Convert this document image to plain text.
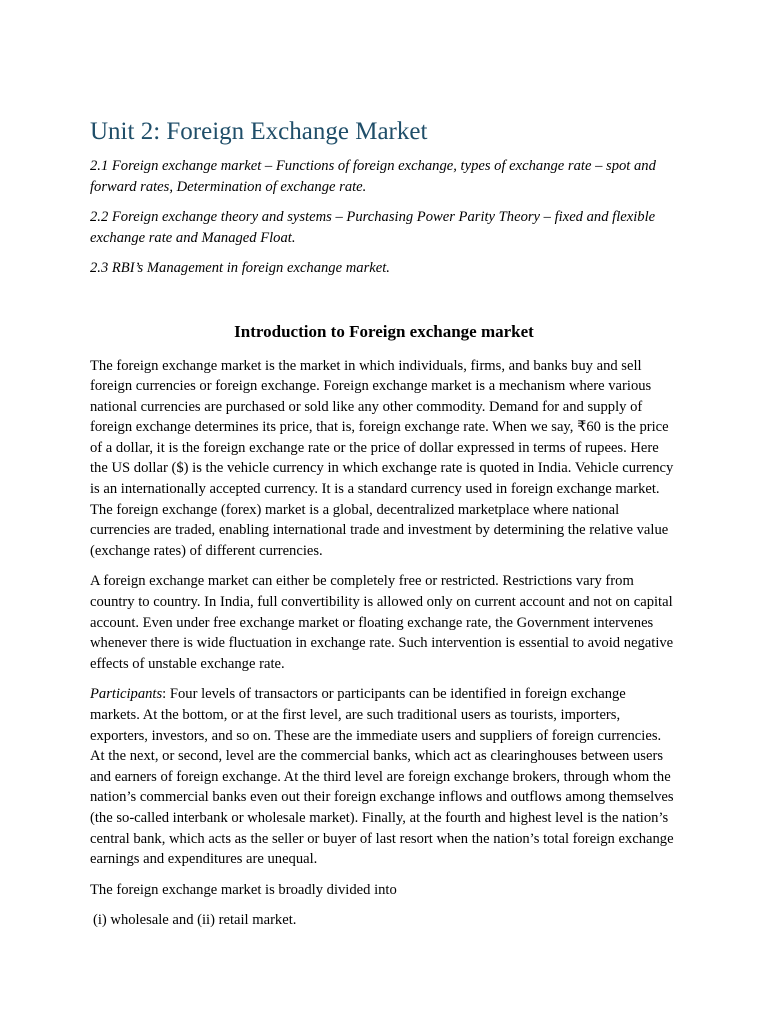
Unit 2: Foreign Exchange Market

2.1 Foreign exchange market – Functions of foreign exchange, types of exchange rate – spot and forward rates, Determination of exchange rate.

2.2 Foreign exchange theory and systems – Purchasing Power Parity Theory – fixed and flexible exchange rate and Managed Float.

2.3 RBI’s Management in foreign exchange market.

Introduction to Foreign exchange market

The foreign exchange market is the market in which individuals, firms, and banks buy and sell foreign currencies or foreign exchange. Foreign exchange market is a mechanism where various national currencies are purchased or sold like any other commodity. Demand for and supply of foreign exchange determines its price, that is, foreign exchange rate. When we say, ₹60 is the price of a dollar, it is the foreign exchange rate or the price of dollar expressed in terms of rupees. Here the US dollar ($) is the vehicle currency in which exchange rate is quoted in India. Vehicle currency is an internationally accepted currency. It is a standard currency used in foreign exchange market. The foreign exchange (forex) market is a global, decentralized marketplace where national currencies are traded, enabling international trade and investment by determining the relative value (exchange rates) of different currencies.

A foreign exchange market can either be completely free or restricted. Restrictions vary from country to country. In India, full convertibility is allowed only on current account and not on capital account. Even under free exchange market or floating exchange rate, the Government intervenes whenever there is wide fluctuation in exchange rate. Such intervention is essential to avoid negative effects of unstable exchange rate.

Participants: Four levels of transactors or participants can be identified in foreign exchange markets. At the bottom, or at the first level, are such traditional users as tourists, importers, exporters, investors, and so on. These are the immediate users and suppliers of foreign currencies. At the next, or second, level are the commercial banks, which act as clearinghouses between users and earners of foreign exchange. At the third level are foreign exchange brokers, through whom the nation’s commercial banks even out their foreign exchange inflows and outflows among themselves (the so-called interbank or wholesale market). Finally, at the fourth and highest level is the nation’s central bank, which acts as the seller or buyer of last resort when the nation’s total foreign exchange earnings and expenditures are unequal.

The foreign exchange market is broadly divided into

(i) wholesale and (ii) retail market.
